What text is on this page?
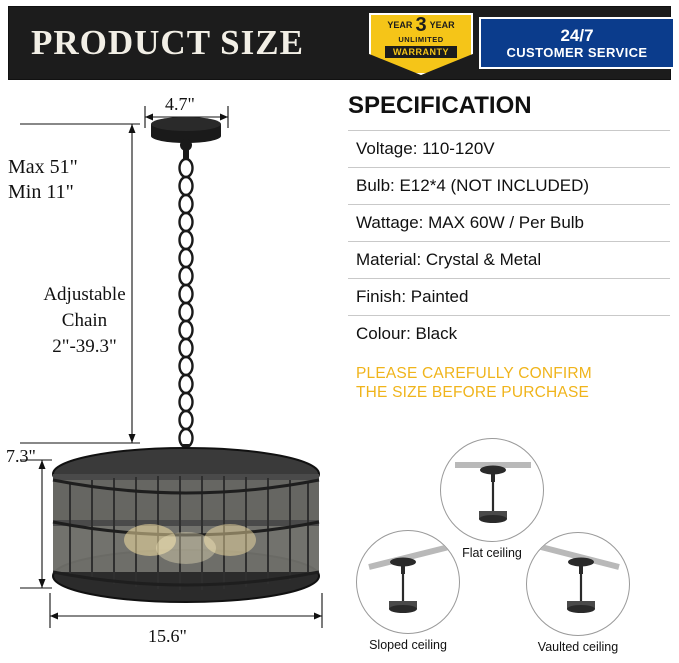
PRODUCT SIZE	YEAR 3 YEAR
UNLIMITED
WARRANTY
24/7
CUSTOMER SERVICE
4.7"
Max 51"
Min 11"
Adjustable
Chain
2"-39.3"
7.3"
15.6"
SPECIFICATION
Voltage: 110-120V
Bulb: E12*4 (NOT INCLUDED)
Wattage: MAX 60W / Per Bulb
Material: Crystal & Metal
Finish: Painted
Colour: Black
PLEASE CAREFULLY CONFIRM
THE SIZE BEFORE PURCHASE
Flat ceiling
Sloped ceiling	Vaulted ceiling
